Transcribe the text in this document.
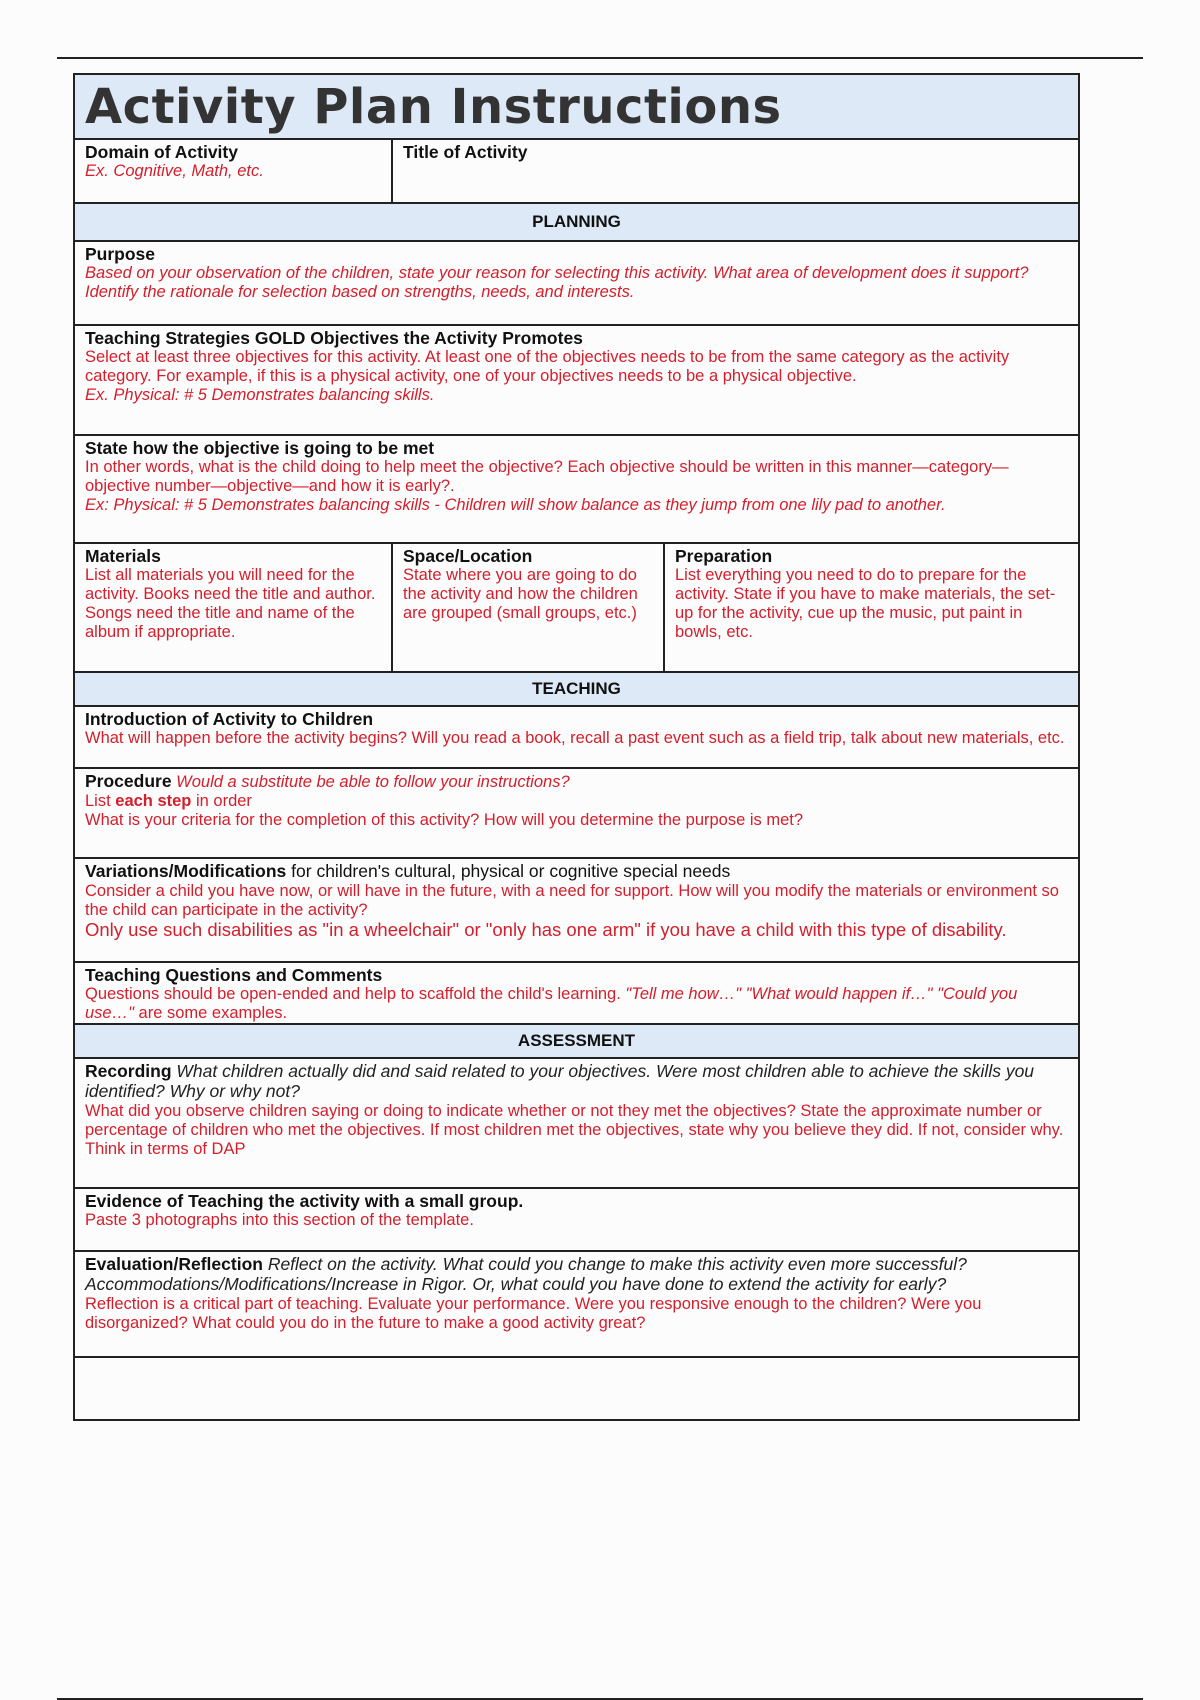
Activity Plan Instructions
Domain of Activity
Ex. Cognitive, Math, etc.
Title of Activity
PLANNING
Purpose
Based on your observation of the children, state your reason for selecting this activity. What area of development does it support? Identify the rationale for selection based on strengths, needs, and interests.
Teaching Strategies GOLD Objectives the Activity Promotes
Select at least three objectives for this activity. At least one of the objectives needs to be from the same category as the activity category. For example, if this is a physical activity, one of your objectives needs to be a physical objective.
Ex. Physical: # 5 Demonstrates balancing skills.
State how the objective is going to be met
In other words, what is the child doing to help meet the objective? Each objective should be written in this manner—category—objective number—objective—and how it is early?.
Ex: Physical: # 5 Demonstrates balancing skills - Children will show balance as they jump from one lily pad to another.
Materials
List all materials you will need for the activity. Books need the title and author. Songs need the title and name of the album if appropriate.
Space/Location
State where you are going to do the activity and how the children are grouped (small groups, etc.)
Preparation
List everything you need to do to prepare for the activity. State if you have to make materials, the set-up for the activity, cue up the music, put paint in bowls, etc.
TEACHING
Introduction of Activity to Children
What will happen before the activity begins? Will you read a book, recall a past event such as a field trip, talk about new materials, etc.
Procedure Would a substitute be able to follow your instructions?
List each step in order
What is your criteria for the completion of this activity? How will you determine the purpose is met?
Variations/Modifications for children's cultural, physical or cognitive special needs
Consider a child you have now, or will have in the future, with a need for support. How will you modify the materials or environment so the child can participate in the activity?
Only use such disabilities as "in a wheelchair" or "only has one arm" if you have a child with this type of disability.
Teaching Questions and Comments
Questions should be open-ended and help to scaffold the child's learning. "Tell me how…" "What would happen if…" "Could you use…" are some examples.
ASSESSMENT
Recording What children actually did and said related to your objectives. Were most children able to achieve the skills you identified? Why or why not?
What did you observe children saying or doing to indicate whether or not they met the objectives? State the approximate number or percentage of children who met the objectives. If most children met the objectives, state why you believe they did. If not, consider why. Think in terms of DAP
Evidence of Teaching the activity with a small group.
Paste 3 photographs into this section of the template.
Evaluation/Reflection Reflect on the activity. What could you change to make this activity even more successful? Accommodations/Modifications/Increase in Rigor. Or, what could you have done to extend the activity for early?
Reflection is a critical part of teaching. Evaluate your performance. Were you responsive enough to the children? Were you disorganized? What could you do in the future to make a good activity great?
